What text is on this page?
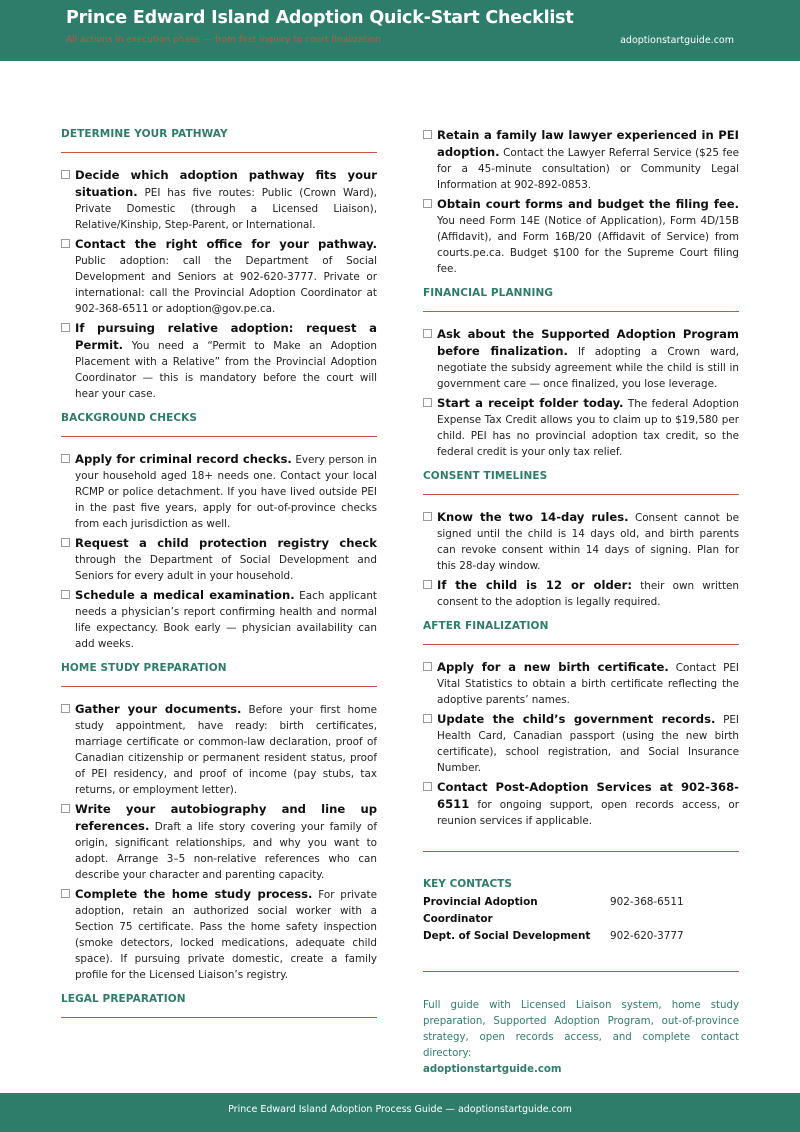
Prince Edward Island Adoption Quick-Start Checklist
All actions in execution phase — from first inquiry to court finalization	adoptionstartguide.com
DETERMINE YOUR PATHWAY
Decide which adoption pathway fits your situation. PEI has five routes: Public (Crown Ward), Private Domestic (through a Licensed Liaison), Relative/Kinship, Step-Parent, or International.
Contact the right office for your pathway. Public adoption: call the Department of Social Development and Seniors at 902-620-3777. Private or international: call the Provincial Adoption Coordinator at 902-368-6511 or adoption@gov.pe.ca.
If pursuing relative adoption: request a Permit. You need a “Permit to Make an Adoption Placement with a Relative” from the Provincial Adoption Coordinator — this is mandatory before the court will hear your case.
BACKGROUND CHECKS
Apply for criminal record checks. Every person in your household aged 18+ needs one. Contact your local RCMP or police detachment. If you have lived outside PEI in the past five years, apply for out-of-province checks from each jurisdiction as well.
Request a child protection registry check through the Department of Social Development and Seniors for every adult in your household.
Schedule a medical examination. Each applicant needs a physician’s report confirming health and normal life expectancy. Book early — physician availability can add weeks.
HOME STUDY PREPARATION
Gather your documents. Before your first home study appointment, have ready: birth certificates, marriage certificate or common-law declaration, proof of Canadian citizenship or permanent resident status, proof of PEI residency, and proof of income (pay stubs, tax returns, or employment letter).
Write your autobiography and line up references. Draft a life story covering your family of origin, significant relationships, and why you want to adopt. Arrange 3–5 non-relative references who can describe your character and parenting capacity.
Complete the home study process. For private adoption, retain an authorized social worker with a Section 75 certificate. Pass the home safety inspection (smoke detectors, locked medications, adequate child space). If pursuing private domestic, create a family profile for the Licensed Liaison’s registry.
LEGAL PREPARATION
Retain a family law lawyer experienced in PEI adoption. Contact the Lawyer Referral Service ($25 fee for a 45-minute consultation) or Community Legal Information at 902-892-0853.
Obtain court forms and budget the filing fee. You need Form 14E (Notice of Application), Form 4D/15B (Affidavit), and Form 16B/20 (Affidavit of Service) from courts.pe.ca. Budget $100 for the Supreme Court filing fee.
FINANCIAL PLANNING
Ask about the Supported Adoption Program before finalization. If adopting a Crown ward, negotiate the subsidy agreement while the child is still in government care — once finalized, you lose leverage.
Start a receipt folder today. The federal Adoption Expense Tax Credit allows you to claim up to $19,580 per child. PEI has no provincial adoption tax credit, so the federal credit is your only tax relief.
CONSENT TIMELINES
Know the two 14-day rules. Consent cannot be signed until the child is 14 days old, and birth parents can revoke consent within 14 days of signing. Plan for this 28-day window.
If the child is 12 or older: their own written consent to the adoption is legally required.
AFTER FINALIZATION
Apply for a new birth certificate. Contact PEI Vital Statistics to obtain a birth certificate reflecting the adoptive parents’ names.
Update the child’s government records. PEI Health Card, Canadian passport (using the new birth certificate), school registration, and Social Insurance Number.
Contact Post-Adoption Services at 902-368-6511 for ongoing support, open records access, or reunion services if applicable.
KEY CONTACTS
Provincial Adoption Coordinator
902-368-6511
Dept. of Social Development	902-620-3777
Full guide with Licensed Liaison system, home study preparation, Supported Adoption Program, out-of-province strategy, open records access, and complete contact directory:
adoptionstartguide.com
Prince Edward Island Adoption Process Guide — adoptionstartguide.com
